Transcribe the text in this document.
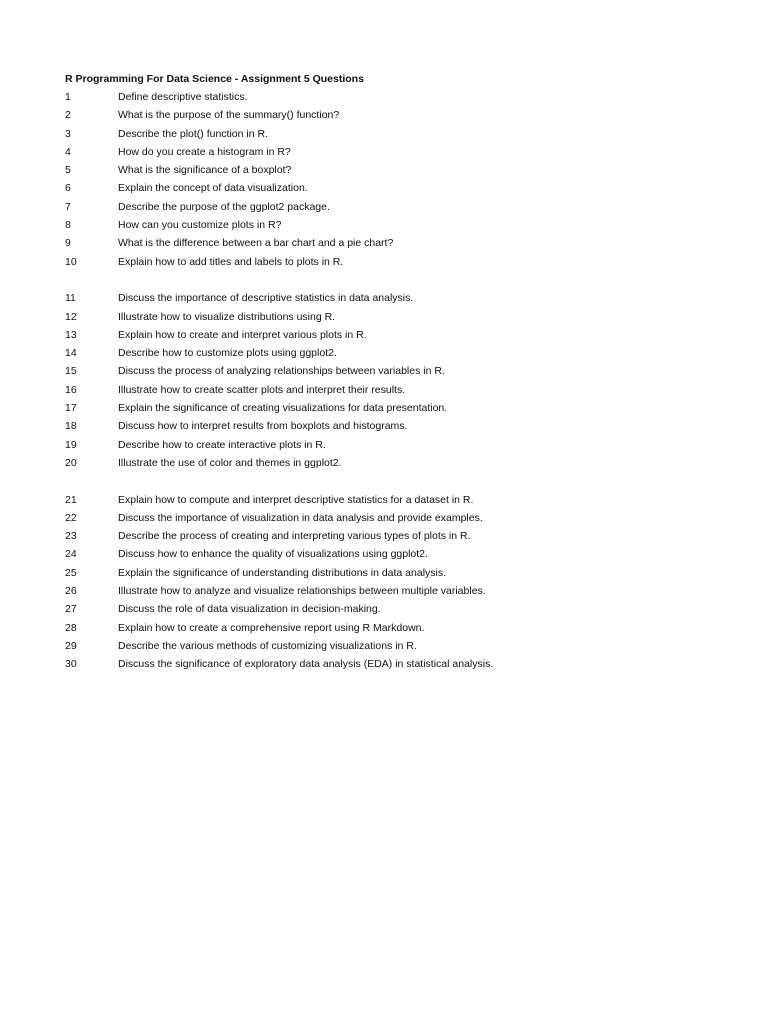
R Programming For Data Science - Assignment 5 Questions
1	Define descriptive statistics.
2	What is the purpose of the summary() function?
3	Describe the plot() function in R.
4	How do you create a histogram in R?
5	What is the significance of a boxplot?
6	Explain the concept of data visualization.
7	Describe the purpose of the ggplot2 package.
8	How can you customize plots in R?
9	What is the difference between a bar chart and a pie chart?
10	Explain how to add titles and labels to plots in R.
11	Discuss the importance of descriptive statistics in data analysis.
12	Illustrate how to visualize distributions using R.
13	Explain how to create and interpret various plots in R.
14	Describe how to customize plots using ggplot2.
15	Discuss the process of analyzing relationships between variables in R.
16	Illustrate how to create scatter plots and interpret their results.
17	Explain the significance of creating visualizations for data presentation.
18	Discuss how to interpret results from boxplots and histograms.
19	Describe how to create interactive plots in R.
20	Illustrate the use of color and themes in ggplot2.
21	Explain how to compute and interpret descriptive statistics for a dataset in R.
22	Discuss the importance of visualization in data analysis and provide examples.
23	Describe the process of creating and interpreting various types of plots in R.
24	Discuss how to enhance the quality of visualizations using ggplot2.
25	Explain the significance of understanding distributions in data analysis.
26	Illustrate how to analyze and visualize relationships between multiple variables.
27	Discuss the role of data visualization in decision-making.
28	Explain how to create a comprehensive report using R Markdown.
29	Describe the various methods of customizing visualizations in R.
30	Discuss the significance of exploratory data analysis (EDA) in statistical analysis.
